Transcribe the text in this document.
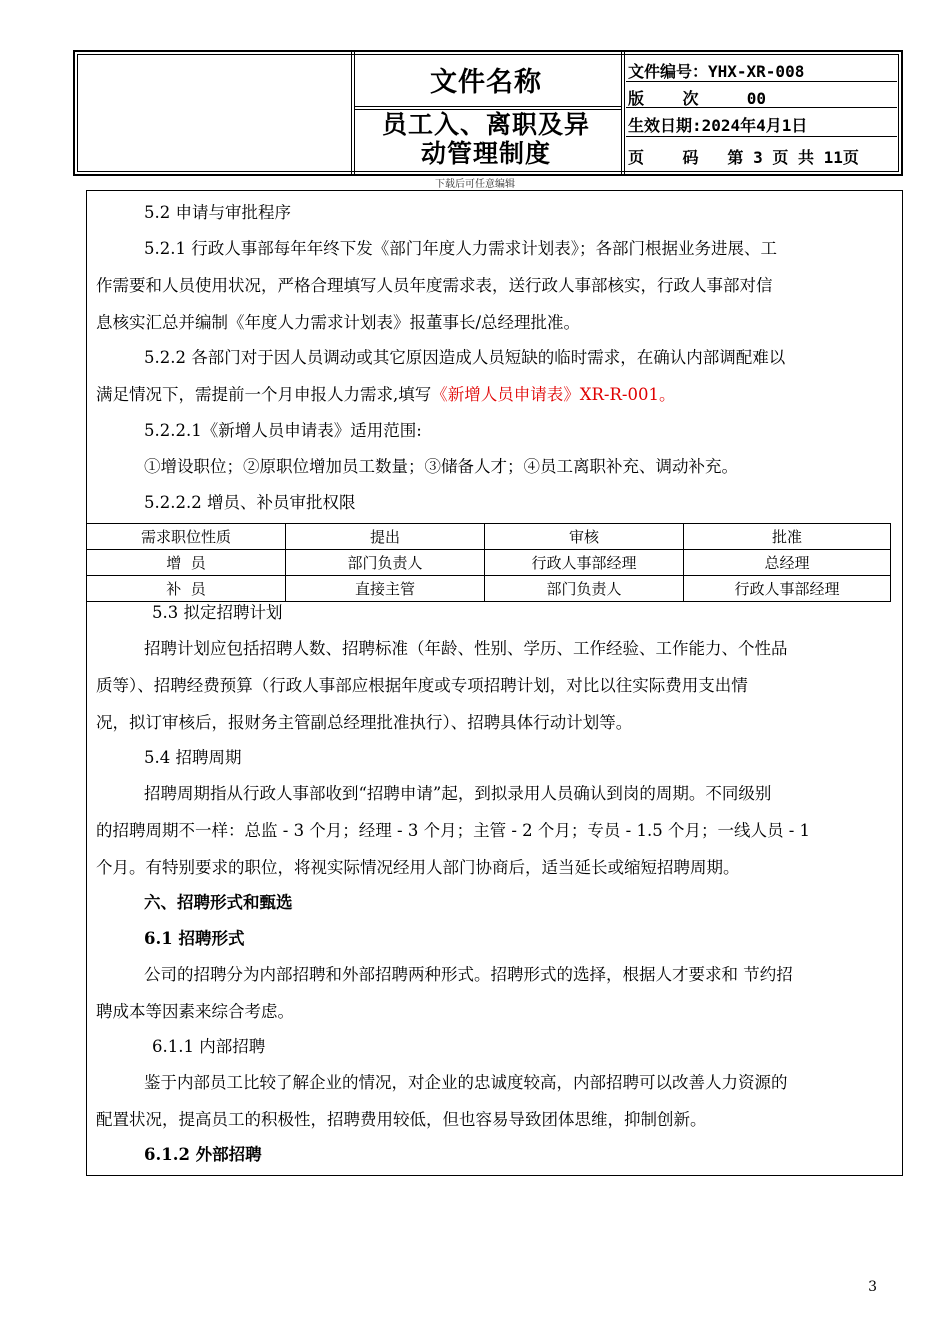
文件名称
员工入、离职及异
动管理制度
文件编号：YHX-XR-008
版    次     00
生效日期:2024年4月1日
页    码   第 3 页 共 11页
下载后可任意编辑
5.2 申请与审批程序
5.2.1 行政人事部每年年终下发《部门年度人力需求计划表》；各部门根据业务进展、工
作需要和人员使用状况，严格合理填写人员年度需求表，送行政人事部核实，行政人事部对信
息核实汇总并编制《年度人力需求计划表》报董事长/总经理批准。
5.2.2 各部门对于因人员调动或其它原因造成人员短缺的临时需求，在确认内部调配难以
满足情况下，需提前一个月申报人力需求,填写《新增人员申请表》XR-R-001。
5.2.2.1《新增人员申请表》适用范围:
①增设职位；②原职位增加员工数量；③储备人才；④员工离职补充、调动补充。
5.2.2.2 增员、补员审批权限
需求职位性质	提出	审核	批准
增  员	部门负责人	行政人事部经理	总经理
补  员	直接主管	部门负责人	行政人事部经理
5.3 拟定招聘计划
招聘计划应包括招聘人数、招聘标准（年龄、性别、学历、工作经验、工作能力、个性品
质等）、招聘经费预算（行政人事部应根据年度或专项招聘计划，对比以往实际费用支出情
况，拟订审核后，报财务主管副总经理批准执行）、招聘具体行动计划等。
5.4 招聘周期
招聘周期指从行政人事部收到“招聘申请”起，到拟录用人员确认到岗的周期。不同级别
的招聘周期不一样：总监 - 3 个月；经理 - 3 个月；主管 - 2 个月；专员 - 1.5 个月；一线人员 - 1
个月。有特别要求的职位，将视实际情况经用人部门协商后，适当延长或缩短招聘周期。
六、招聘形式和甄选
6.1 招聘形式
公司的招聘分为内部招聘和外部招聘两种形式。招聘形式的选择，根据人才要求和 节约招
聘成本等因素来综合考虑。
6.1.1 内部招聘
鉴于内部员工比较了解企业的情况，对企业的忠诚度较高，内部招聘可以改善人力资源的
配置状况，提高员工的积极性，招聘费用较低，但也容易导致团体思维，抑制创新。
6.1.2 外部招聘
3
